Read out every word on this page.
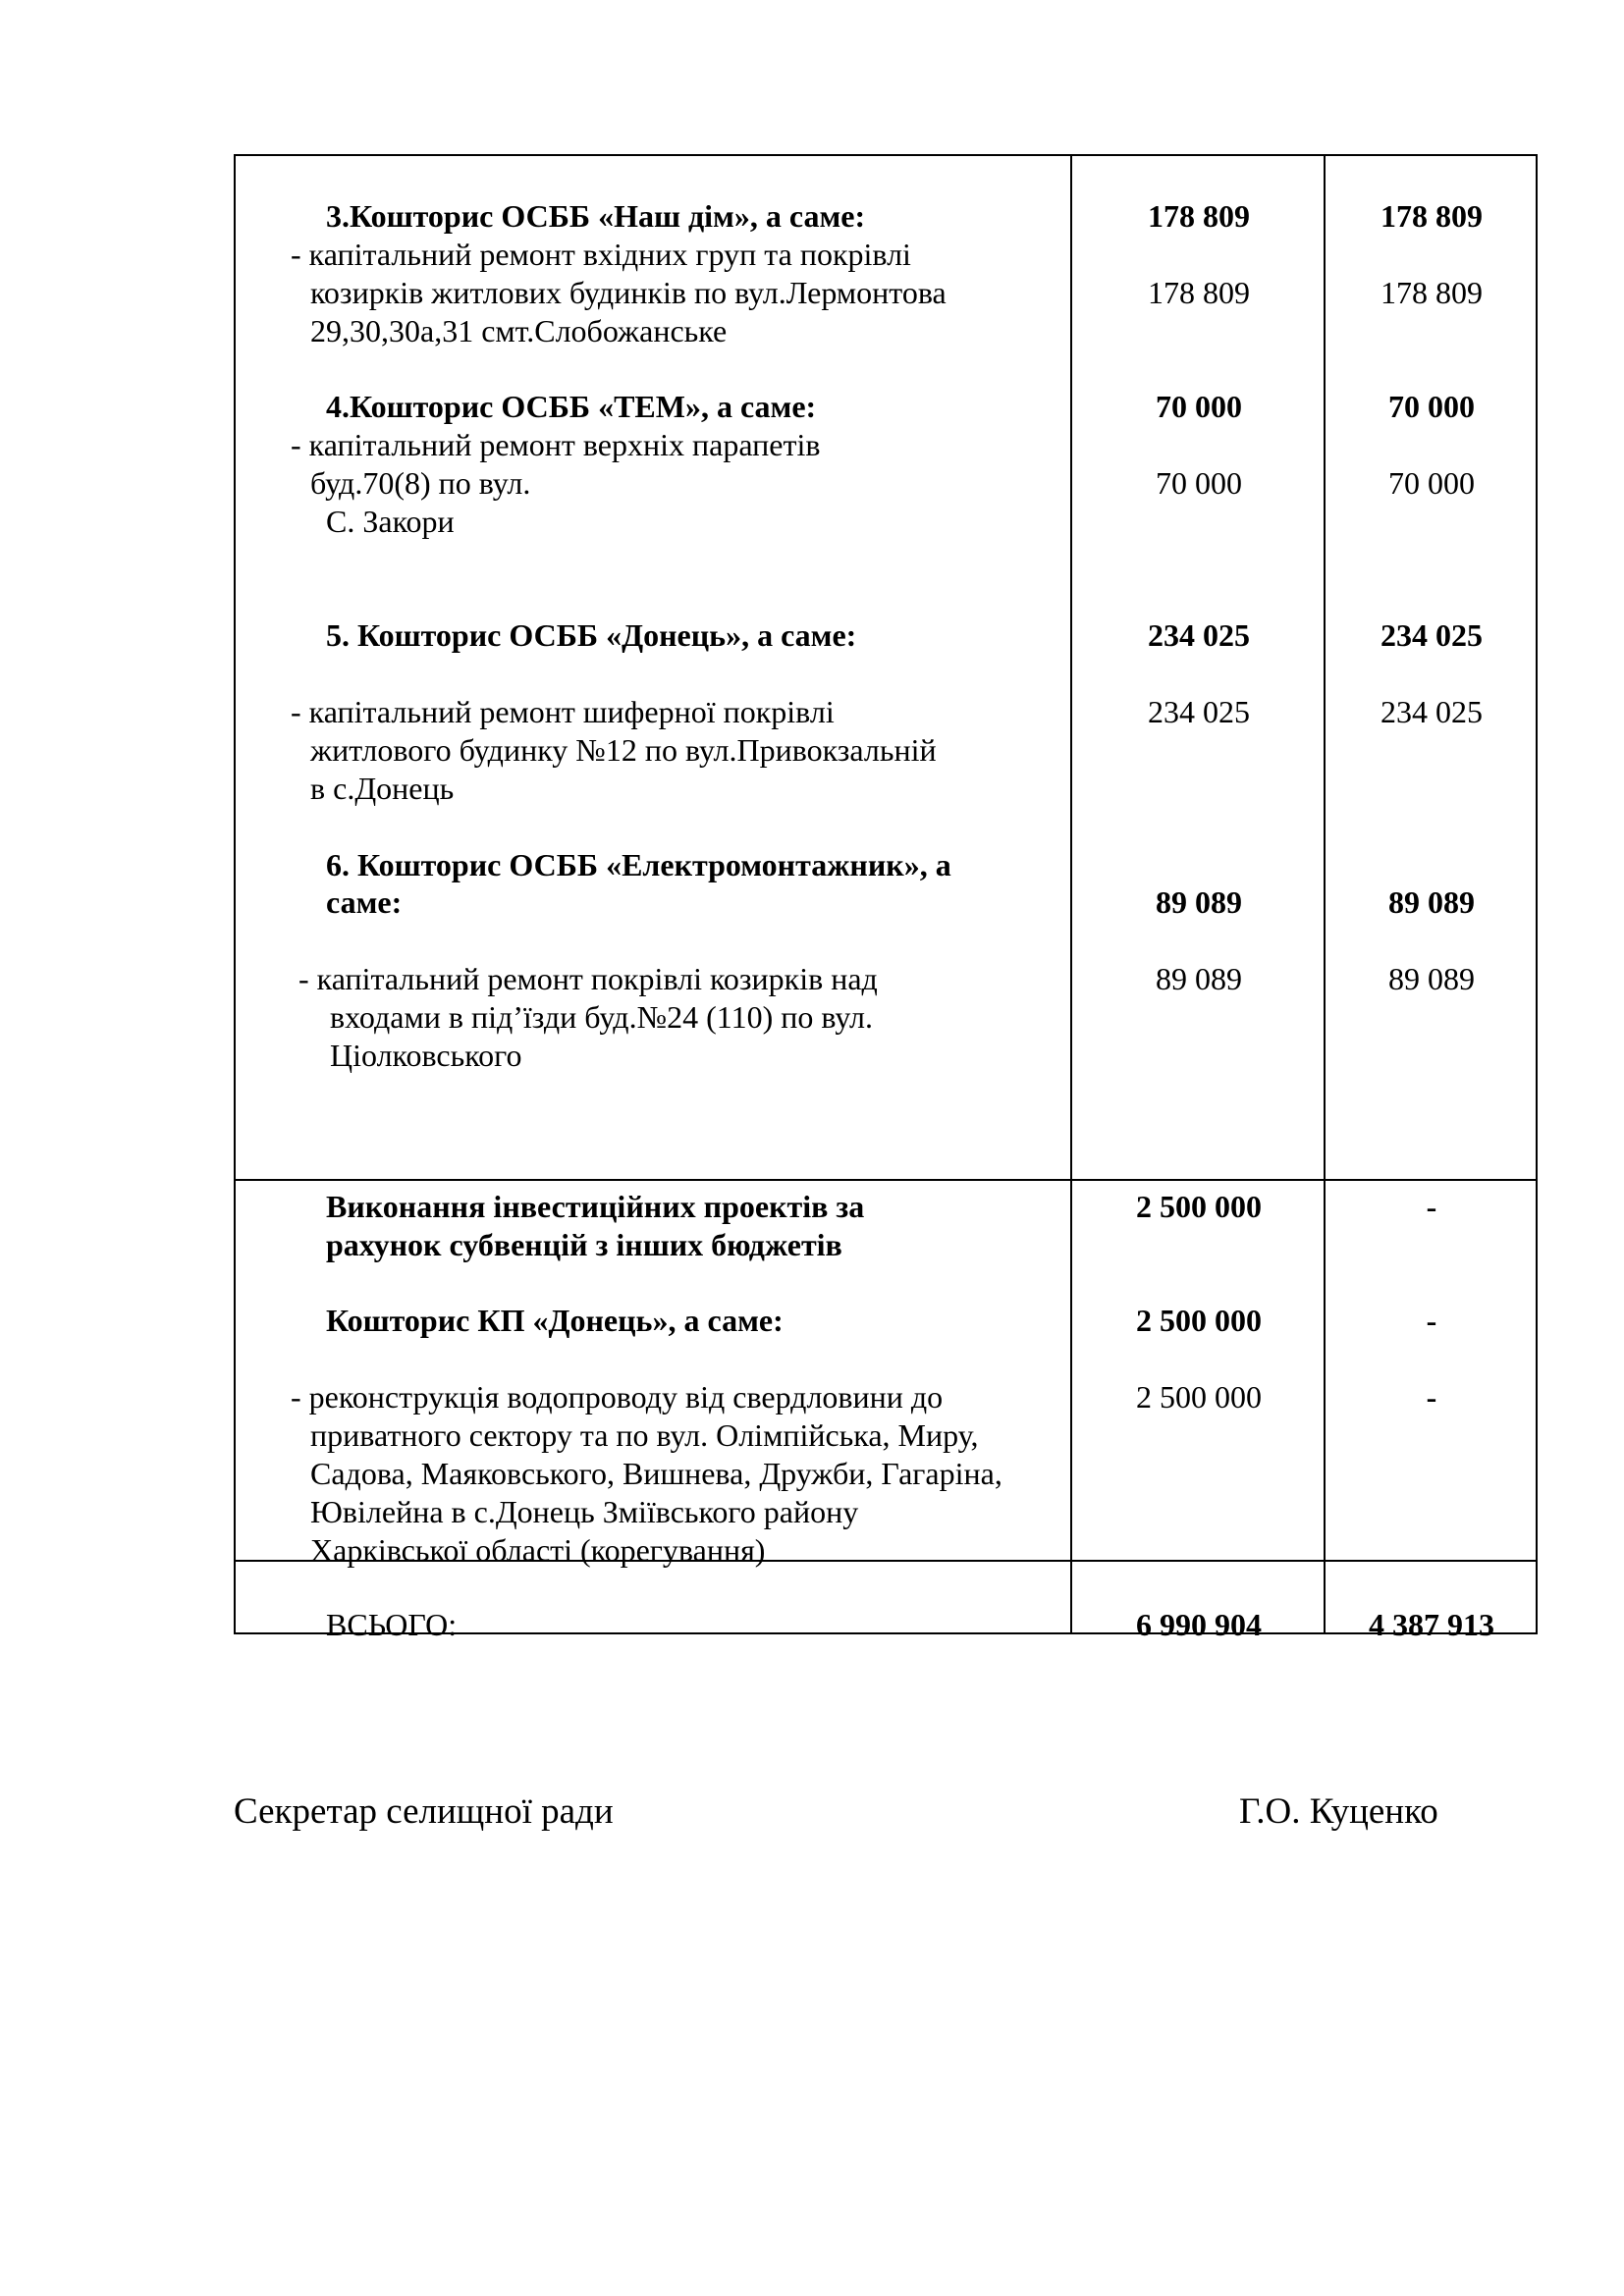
3.Кошторис ОСББ «Наш дім», а саме:	178 809	178 809
- капітальний ремонт вхідних груп та покрівлі
козирків житлових будинків по вул.Лермонтова
29,30,30а,31 смт.Слобожанське
178 809	178 809
4.Кошторис ОСББ «ТЕМ», а саме:	70 000	70 000
- капітальний ремонт верхніх парапетів
буд.70(8) по вул.
С. Закори
70 000	70 000
5. Кошторис ОСББ «Донець», а саме:	234 025	234 025
- капітальний ремонт шиферної покрівлі
житлового будинку №12 по вул.Привокзальній
в с.Донець
234 025	234 025
6. Кошторис ОСББ «Електромонтажник», а
саме:	89 089	89 089
- капітальний ремонт покрівлі козирків над
входами в під’їзди буд.№24 (110) по вул.
Ціолковського
89 089	89 089
Виконання інвестиційних проектів за
рахунок субвенцій з інших бюджетів
2 500 000	-
Кошторис КП «Донець», а саме:	2 500 000	-
- реконструкція водопроводу від свердловини до
приватного сектору та по вул. Олімпійська, Миру,
Садова, Маяковського, Вишнева, Дружби, Гагаріна,
Ювілейна в с.Донець Зміївського району
Харківської області (корегування)
2 500 000	-
ВСЬОГО:	6 990 904	4 387 913
Секретар селищної ради	Г.О. Куценко
